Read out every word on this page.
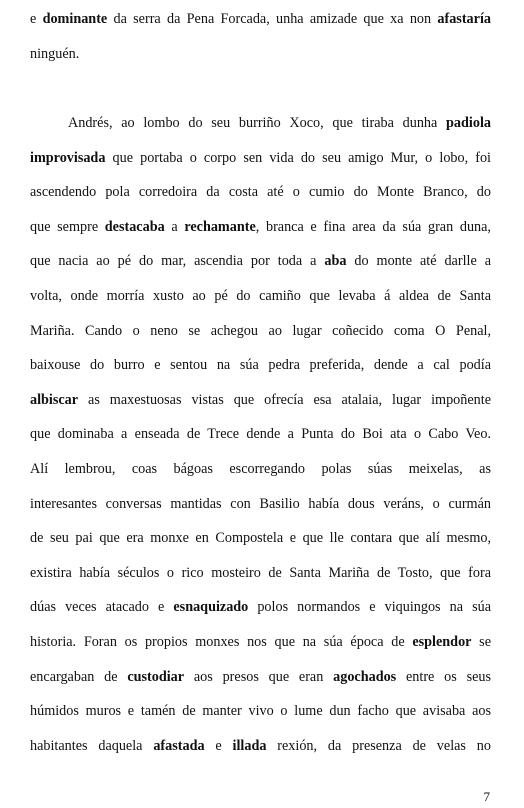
e dominante da serra da Pena Forcada, unha amizade que xa non afastaría
ninguén.
Andrés, ao lombo do seu burriño Xoco, que tiraba dunha padiola
improvisada que portaba o corpo sen vida do seu amigo Mur, o lobo, foi
ascendendo pola corredoira da costa até o cumio do Monte Branco, do
que sempre destacaba a rechamante, branca e fina area da súa gran duna,
que nacia ao pé do mar, ascendia por toda a aba do monte até darlle a
volta, onde morría xusto ao pé do camiño que levaba á aldea de Santa
Mariña. Cando o neno se achegou ao lugar coñecido coma O Penal,
baixouse do burro e sentou na súa pedra preferida, dende a cal podía
albiscar as maxestuosas vistas que ofrecía esa atalaia, lugar impoñente
que dominaba a enseada de Trece dende a Punta do Boi ata o Cabo Veo.
Alí lembrou, coas bágoas escorregando polas súas meixelas, as
interesantes conversas mantidas con Basilio había dous veráns, o curmán
de seu pai que era monxe en Compostela e que lle contara que alí mesmo,
existira había séculos o rico mosteiro de Santa Mariña de Tosto, que fora
dúas veces atacado e esnaquizado polos normandos e viquingos na súa
historia. Foran os propios monxes nos que na súa época de esplendor se
encargaban de custodiar aos presos que eran agochados entre os seus
húmidos muros e tamén de manter vivo o lume dun facho que avisaba aos
habitantes daquela afastada e illada rexión, da presenza de velas no
7
